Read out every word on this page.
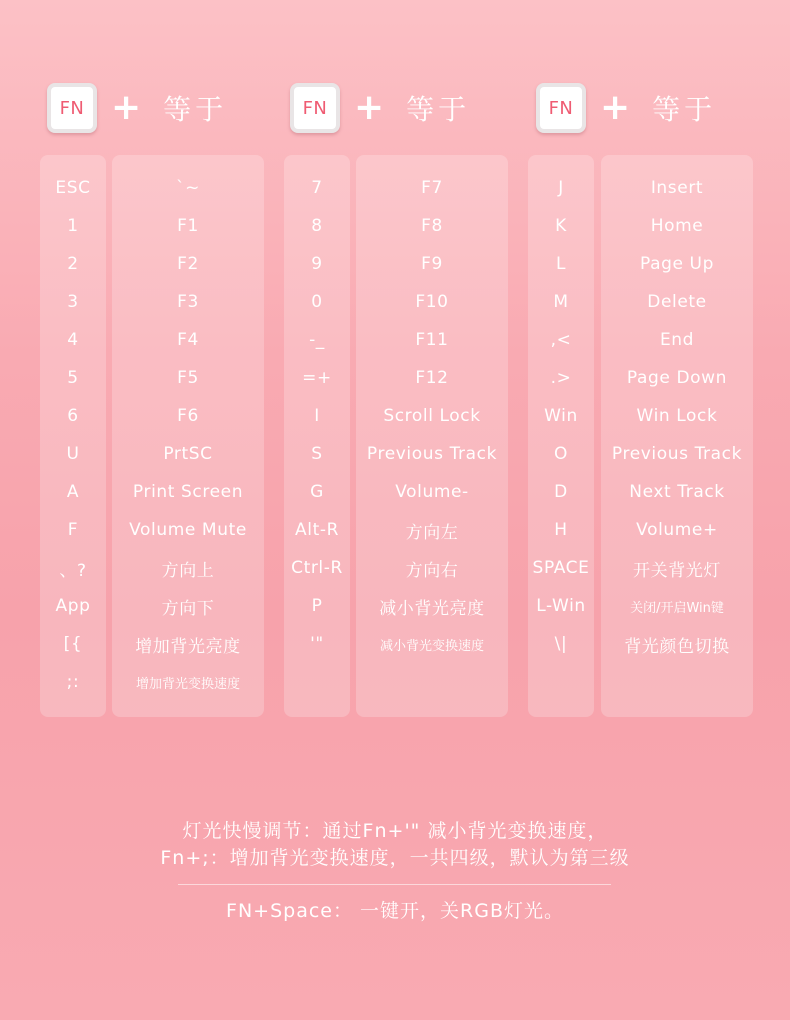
FN + 等于	FN + 等于	FN + 等于
ESC
1
2
3
4
5
6
U
A
F
、?
App
[{
;:
`~
F1
F2
F3
F4
F5
F6
PrtSC
Print Screen
Volume Mute
方向上
方向下
增加背光亮度
增加背光变换速度
7
8
9
0
-_
=+
I
S
G
Alt-R
Ctrl-R
P
'"
F7
F8
F9
F10
F11
F12
Scroll Lock
Previous Track
Volume-
方向左
方向右
减小背光亮度
减小背光变换速度
J
K
L
M
,<
.>
Win
O
D
H
SPACE
L-Win
\|
Insert
Home
Page Up
Delete
End
Page Down
Win Lock
Previous Track
Next Track
Volume+
开关背光灯
关闭/开启Win键
背光颜色切换
灯光快慢调节：通过Fn+'" 减小背光变换速度，
Fn+;：增加背光变换速度，一共四级，默认为第三级
FN+Space： 一键开，关RGB灯光。
